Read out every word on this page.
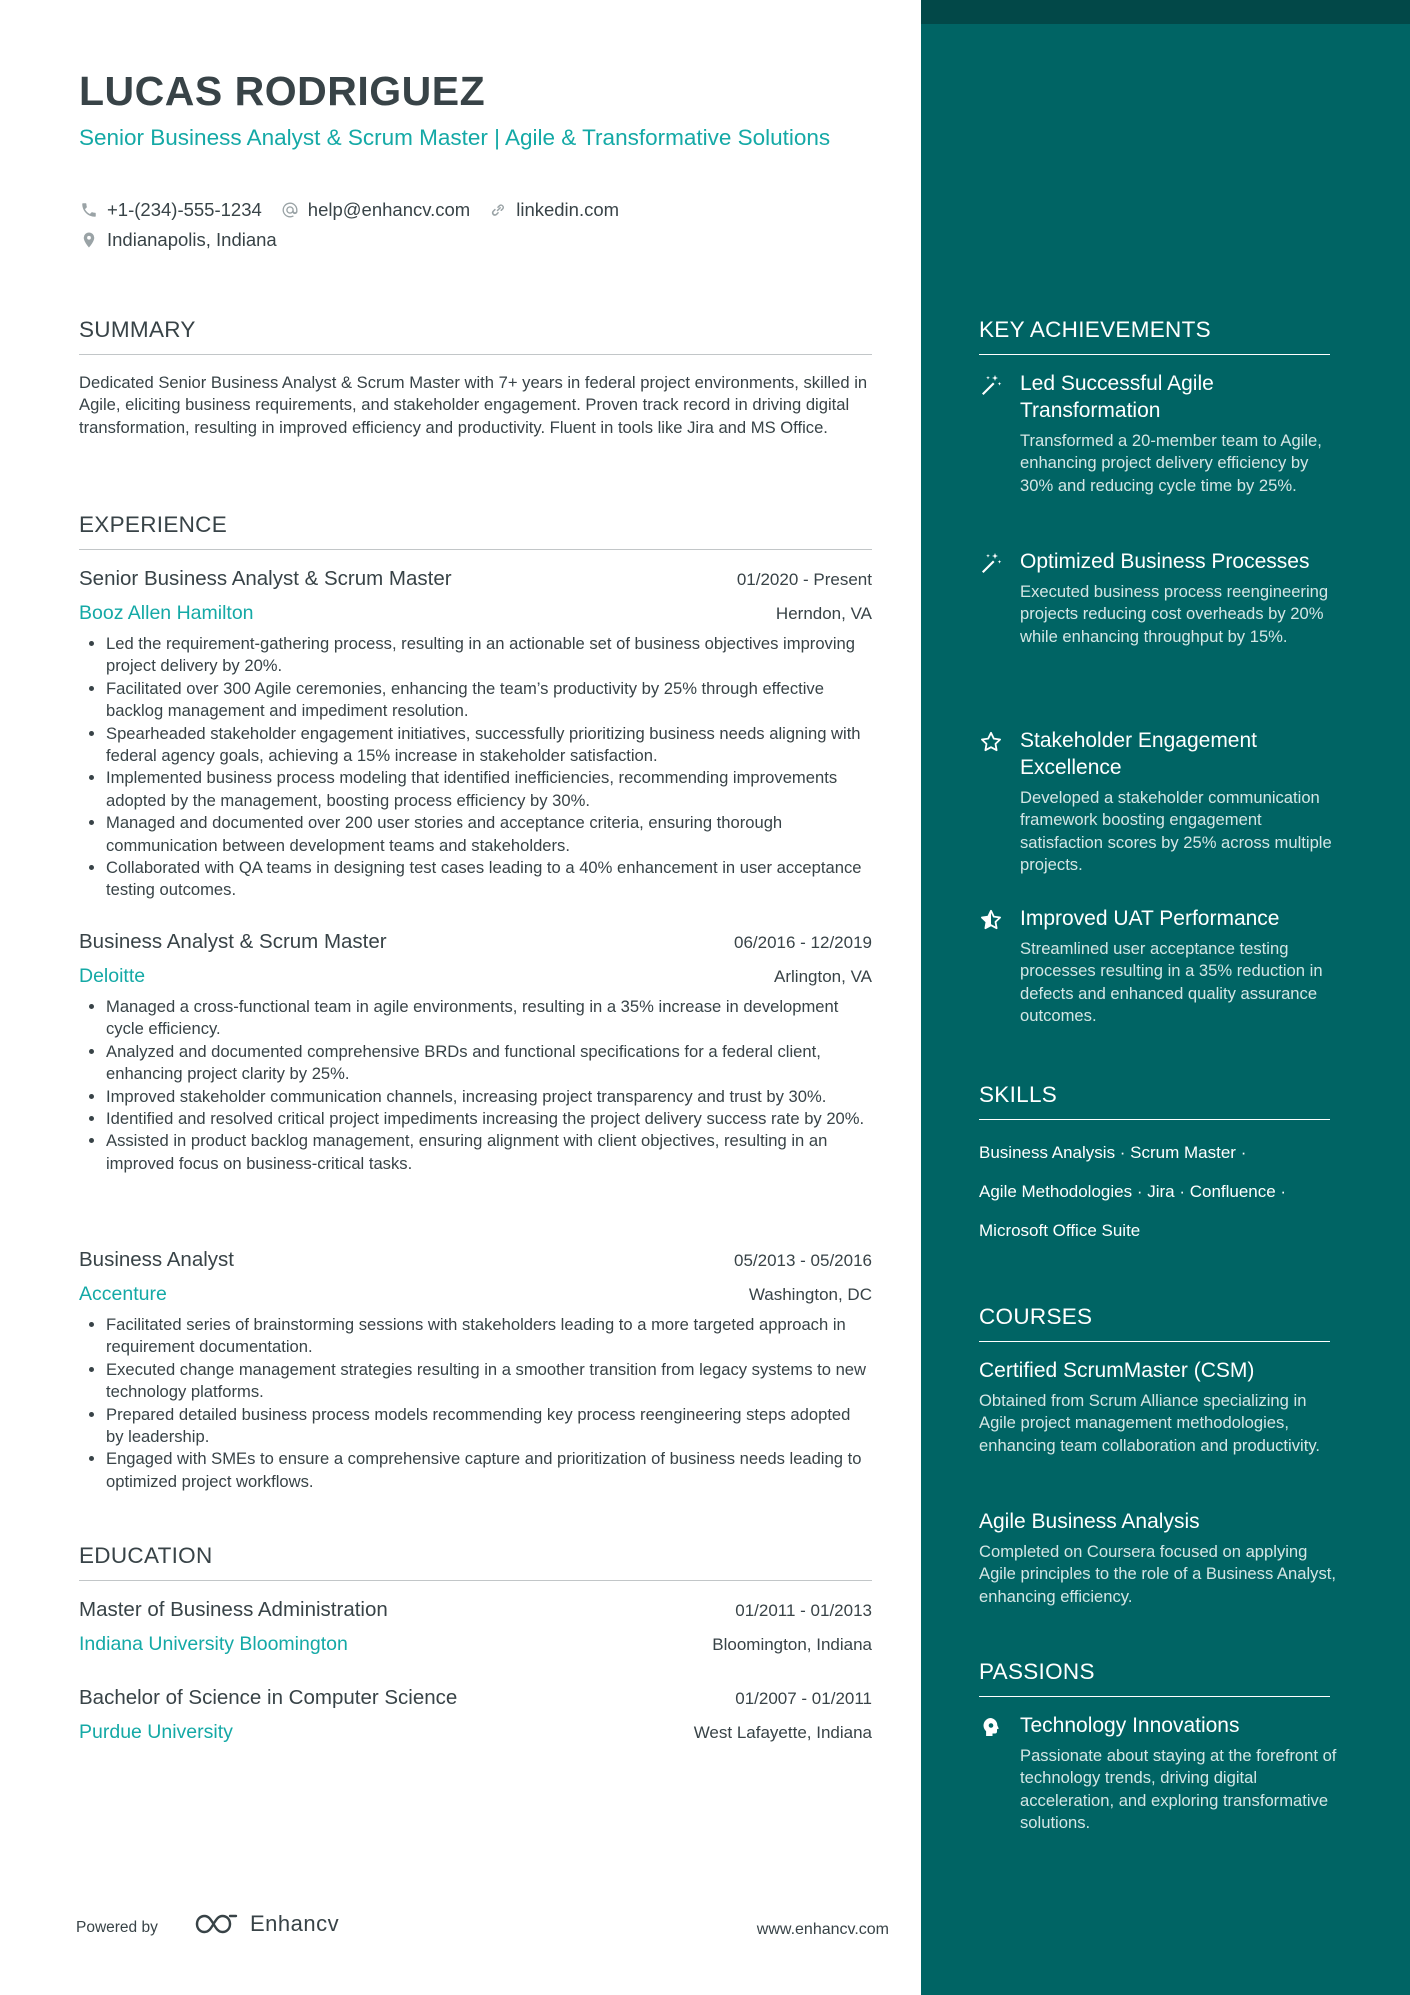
LUCAS RODRIGUEZ
Senior Business Analyst & Scrum Master | Agile & Transformative Solutions
+1-(234)-555-1234 help@enhancv.com linkedin.com
Indianapolis, Indiana
SUMMARY
Dedicated Senior Business Analyst & Scrum Master with 7+ years in federal project environments, skilled in Agile, eliciting business requirements, and stakeholder engagement. Proven track record in driving digital transformation, resulting in improved efficiency and productivity. Fluent in tools like Jira and MS Office.
EXPERIENCE
Senior Business Analyst & Scrum Master	01/2020 - Present
Booz Allen Hamilton	Herndon, VA
• Led the requirement-gathering process, resulting in an actionable set of business objectives improving project delivery by 20%.
• Facilitated over 300 Agile ceremonies, enhancing the team’s productivity by 25% through effective backlog management and impediment resolution.
• Spearheaded stakeholder engagement initiatives, successfully prioritizing business needs aligning with federal agency goals, achieving a 15% increase in stakeholder satisfaction.
• Implemented business process modeling that identified inefficiencies, recommending improvements adopted by the management, boosting process efficiency by 30%.
• Managed and documented over 200 user stories and acceptance criteria, ensuring thorough communication between development teams and stakeholders.
• Collaborated with QA teams in designing test cases leading to a 40% enhancement in user acceptance testing outcomes.
Business Analyst & Scrum Master	06/2016 - 12/2019
Deloitte	Arlington, VA
• Managed a cross-functional team in agile environments, resulting in a 35% increase in development cycle efficiency.
• Analyzed and documented comprehensive BRDs and functional specifications for a federal client, enhancing project clarity by 25%.
• Improved stakeholder communication channels, increasing project transparency and trust by 30%.
• Identified and resolved critical project impediments increasing the project delivery success rate by 20%.
• Assisted in product backlog management, ensuring alignment with client objectives, resulting in an improved focus on business-critical tasks.
Business Analyst	05/2013 - 05/2016
Accenture	Washington, DC
• Facilitated series of brainstorming sessions with stakeholders leading to a more targeted approach in requirement documentation.
• Executed change management strategies resulting in a smoother transition from legacy systems to new technology platforms.
• Prepared detailed business process models recommending key process reengineering steps adopted by leadership.
• Engaged with SMEs to ensure a comprehensive capture and prioritization of business needs leading to optimized project workflows.
EDUCATION
Master of Business Administration	01/2011 - 01/2013
Indiana University Bloomington	Bloomington, Indiana
Bachelor of Science in Computer Science	01/2007 - 01/2011
Purdue University	West Lafayette, Indiana
Powered by	Enhancv	www.enhancv.com
KEY ACHIEVEMENTS
Led Successful Agile Transformation
Transformed a 20-member team to Agile, enhancing project delivery efficiency by 30% and reducing cycle time by 25%.
Optimized Business Processes
Executed business process reengineering projects reducing cost overheads by 20% while enhancing throughput by 15%.
Stakeholder Engagement Excellence
Developed a stakeholder communication framework boosting engagement satisfaction scores by 25% across multiple projects.
Improved UAT Performance
Streamlined user acceptance testing processes resulting in a 35% reduction in defects and enhanced quality assurance outcomes.
SKILLS
Business Analysis · Scrum Master ·
Agile Methodologies · Jira · Confluence ·
Microsoft Office Suite
COURSES
Certified ScrumMaster (CSM)
Obtained from Scrum Alliance specializing in Agile project management methodologies, enhancing team collaboration and productivity.
Agile Business Analysis
Completed on Coursera focused on applying Agile principles to the role of a Business Analyst, enhancing efficiency.
PASSIONS
Technology Innovations
Passionate about staying at the forefront of technology trends, driving digital acceleration, and exploring transformative solutions.
